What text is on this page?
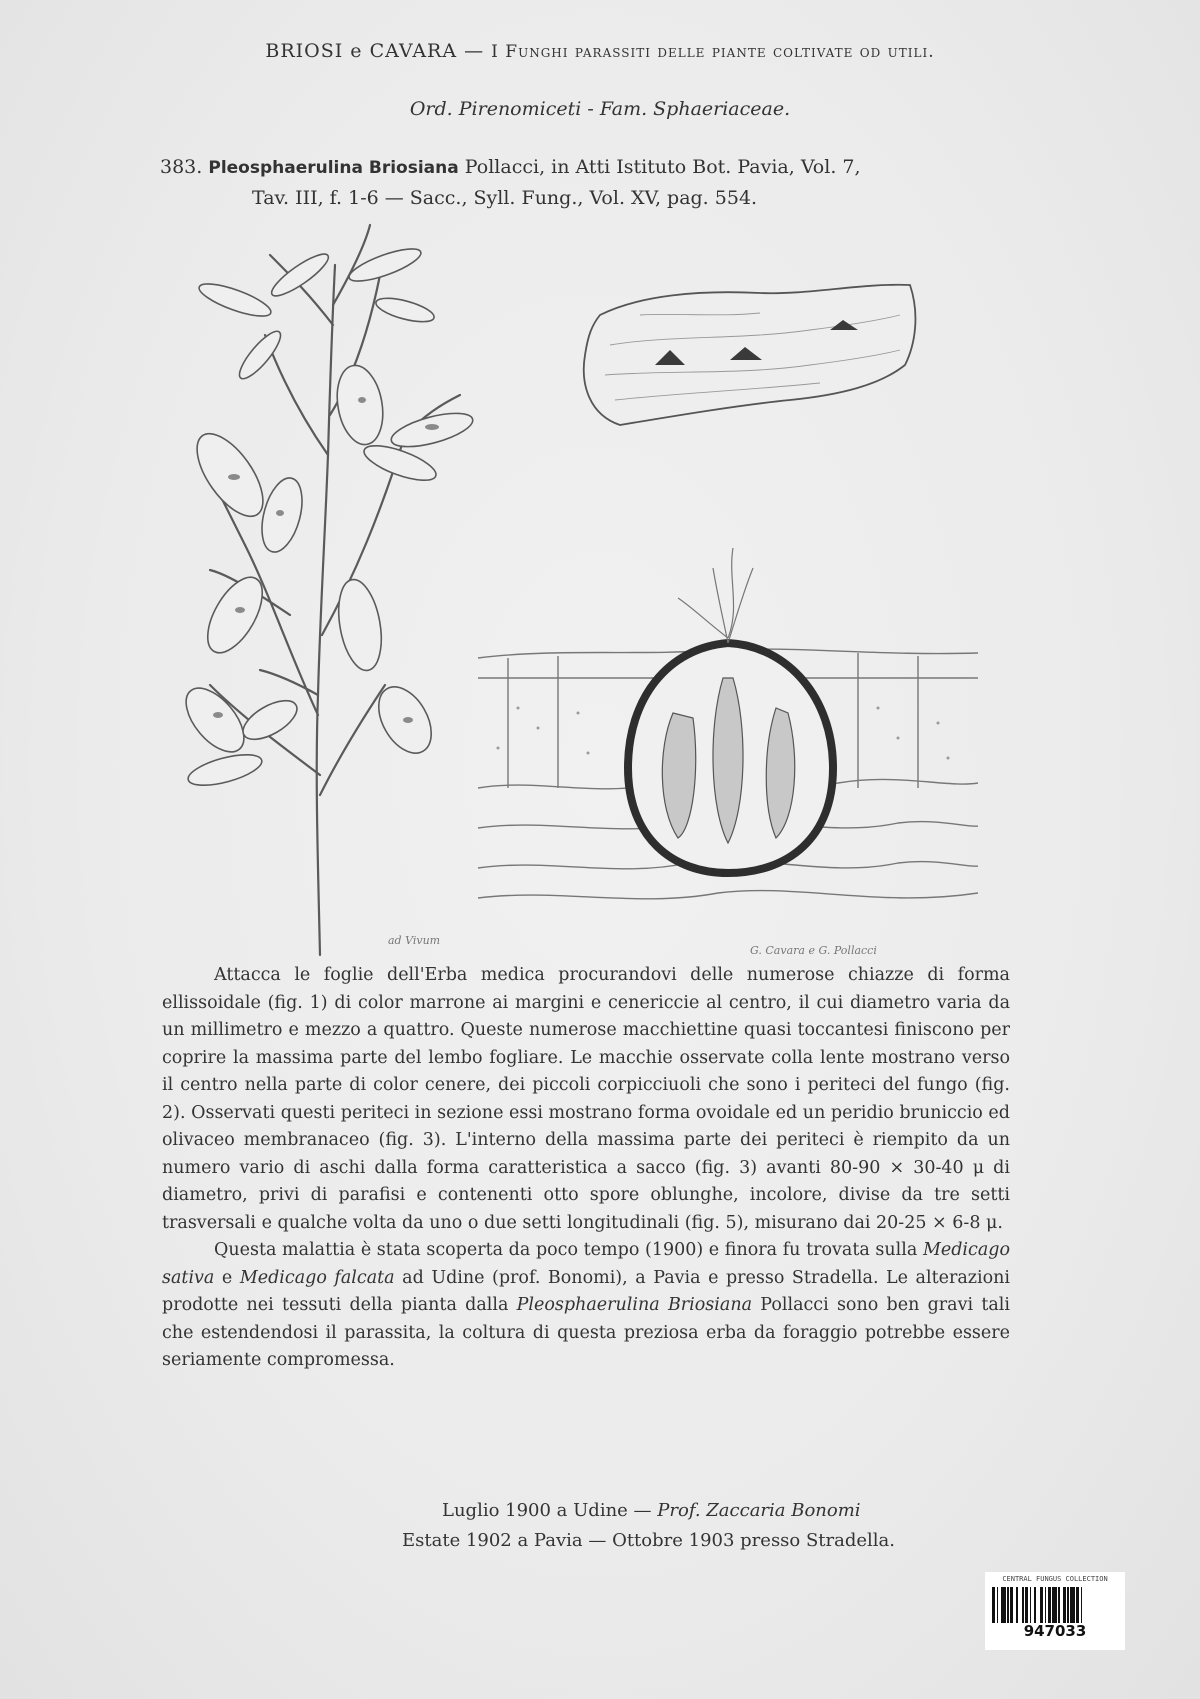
BRIOSI e CAVARA — I Funghi parassiti delle piante coltivate od utili.
Ord. Pirenomiceti - Fam. Sphaeriaceae.
383. Pleosphaerulina Briosiana Pollacci, in Atti Istituto Bot. Pavia, Vol. 7,
Tav. III, f. 1-6 — Sacc., Syll. Fung., Vol. XV, pag. 554.
ad Vivum
G. Cavara e G. Pollacci

Attacca le foglie dell'Erba medica procurandovi delle numerose chiazze di forma ellissoidale (fig. 1) di color marrone ai margini e cenericcie al centro, il cui diametro varia da un millimetro e mezzo a quattro. Queste numerose macchiettine quasi toccantesi finiscono per coprire la massima parte del lembo fogliare. Le macchie osservate colla lente mostrano verso il centro nella parte di color cenere, dei piccoli corpicciuoli che sono i periteci del fungo (fig. 2). Osservati questi periteci in sezione essi mostrano forma ovoidale ed un peridio bruniccio ed olivaceo membranaceo (fig. 3). L'interno della massima parte dei periteci è riempito da un numero vario di aschi dalla forma caratteristica a sacco (fig. 3) avanti 80-90 × 30-40 μ di diametro, privi di parafisi e contenenti otto spore oblunghe, incolore, divise da tre setti trasversali e qualche volta da uno o due setti longitudinali (fig. 5), misurano dai 20-25 × 6-8 μ.

Questa malattia è stata scoperta da poco tempo (1900) e finora fu trovata sulla Medicago sativa e Medicago falcata ad Udine (prof. Bonomi), a Pavia e presso Stradella. Le alterazioni prodotte nei tessuti della pianta dalla Pleosphaerulina Briosiana Pollacci sono ben gravi tali che estendendosi il parassita, la coltura di questa preziosa erba da foraggio potrebbe essere seriamente compromessa.

Luglio 1900 a Udine — Prof. Zaccaria Bonomi
Estate 1902 a Pavia — Ottobre 1903 presso Stradella.
CENTRAL FUNGUS COLLECTION
947033
